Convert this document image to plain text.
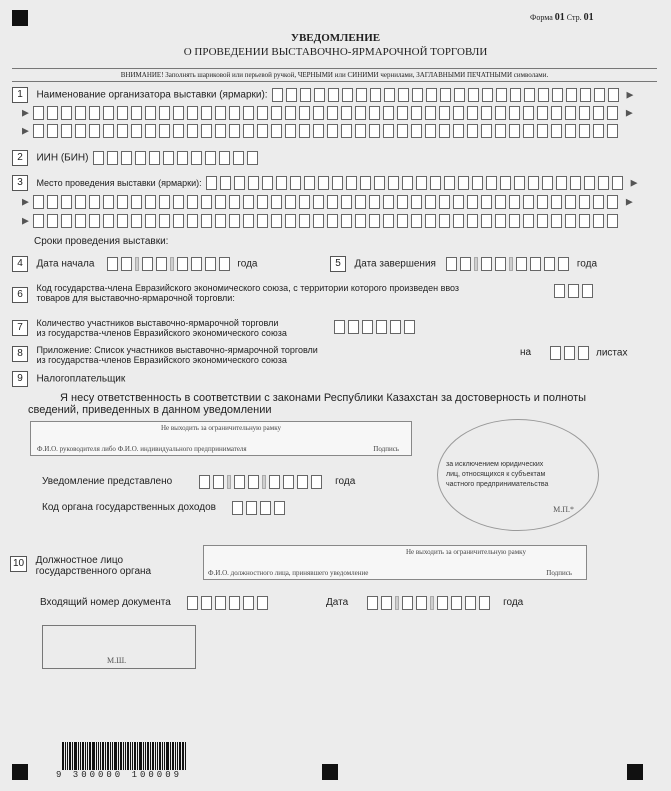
Форма 01 Стр. 01
УВЕДОМЛЕНИЕ
О ПРОВЕДЕНИИ ВЫСТАВОЧНО-ЯРМАРОЧНОЙ ТОРГОВЛИ
ВНИМАНИЕ! Заполнять шариковой или перьевой ручкой, ЧЕРНЫМИ или СИНИМИ чернилами, ЗАГЛАВНЫМИ ПЕЧАТНЫМИ символами.
1 Наименование организатора выставки (ярмарки):	▶
▶	▶
▶
2 ИИН (БИН)
3 Место проведения выставки (ярмарки):	▶
▶	▶
▶
Сроки проведения выставки:
4 Дата начала	года	5 Дата завершения	года
6
Код государства-члена Евразийского экономического союза, с территории которого произведен ввоз
товаров для выставочно-ярмарочной торговли:
7 Количество участников выставочно-ярмарочной торговли
из государства-членов Евразийского экономического союза
8 Приложение: Список участников выставочно-ярмарочной торговли
из государства-членов Евразийского экономического союза
на	листах
9 Налогоплательщик
Я несу ответственность в соответствии с законами Республики Казахстан за достоверность и полноты
сведений, приведенных в данном уведомлении
Не выходить за ограничительную рамку
Ф.И.О. руководителя либо Ф.И.О. индивидуального предпринимателя	Подпись
Уведомление представлено	года
Код органа государственных доходов
за исключением юридических
лиц, относящихся к субъектам
частного предпринимательства
М.П.*
10 Должностное лицо
государственного органа
Не выходить за ограничительную рамку
Ф.И.О. должностного лица, принявшего уведомление	Подпись
Входящий номер документа	Дата	года
М.Ш.
9 300000 100009
